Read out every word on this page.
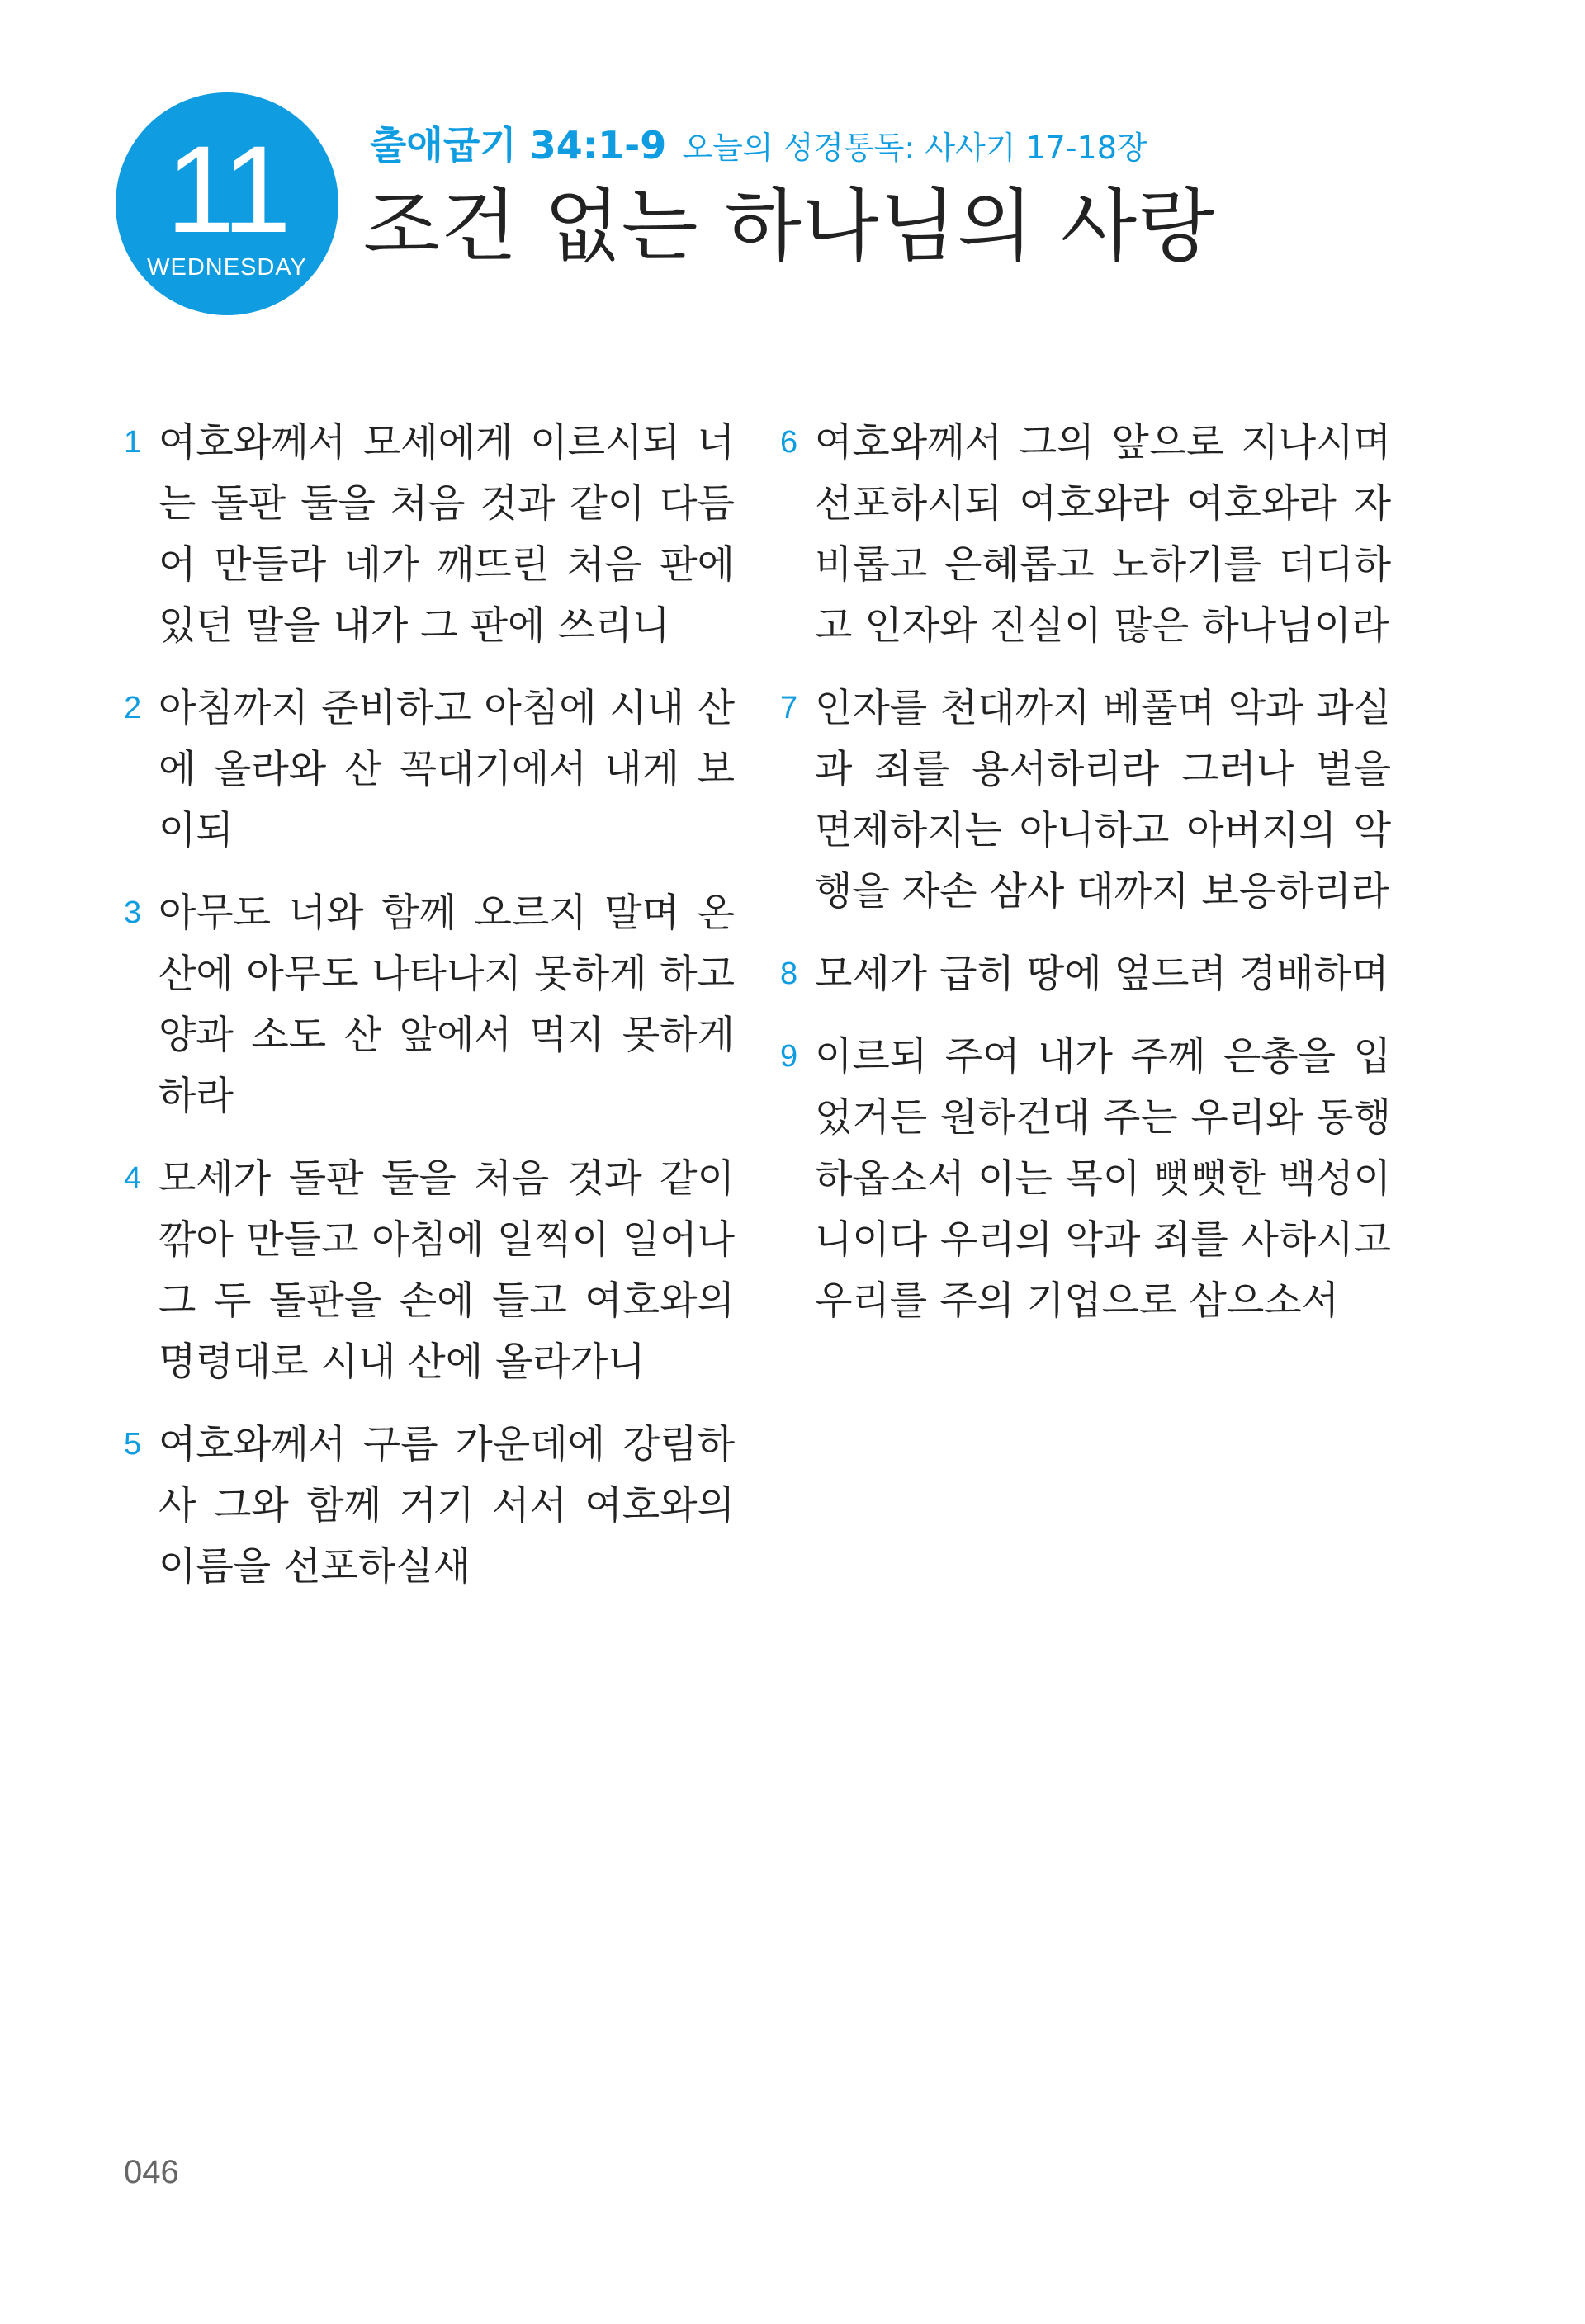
11
WEDNESDAY
출애굽기 34:1-9 오늘의 성경통독: 사사기 17-18장
조건 없는 하나님의 사랑
1 여호와께서 모세에게 이르시되 너는 돌판 둘을 처음 것과 같이 다듬어 만들라 네가 깨뜨린 처음 판에 있던 말을 내가 그 판에 쓰리니
2 아침까지 준비하고 아침에 시내 산에 올라와 산 꼭대기에서 내게 보이되
3 아무도 너와 함께 오르지 말며 온 산에 아무도 나타나지 못하게 하고 양과 소도 산 앞에서 먹지 못하게 하라
4 모세가 돌판 둘을 처음 것과 같이 깎아 만들고 아침에 일찍이 일어나 그 두 돌판을 손에 들고 여호와의 명령대로 시내 산에 올라가니
5 여호와께서 구름 가운데에 강림하사 그와 함께 거기 서서 여호와의 이름을 선포하실새
6 여호와께서 그의 앞으로 지나시며 선포하시되 여호와라 여호와라 자비롭고 은혜롭고 노하기를 더디하고 인자와 진실이 많은 하나님이라
7 인자를 천대까지 베풀며 악과 과실과 죄를 용서하리라 그러나 벌을 면제하지는 아니하고 아버지의 악행을 자손 삼사 대까지 보응하리라
8 모세가 급히 땅에 엎드려 경배하며
9 이르되 주여 내가 주께 은총을 입었거든 원하건대 주는 우리와 동행하옵소서 이는 목이 뻣뻣한 백성이니이다 우리의 악과 죄를 사하시고 우리를 주의 기업으로 삼으소서
046
